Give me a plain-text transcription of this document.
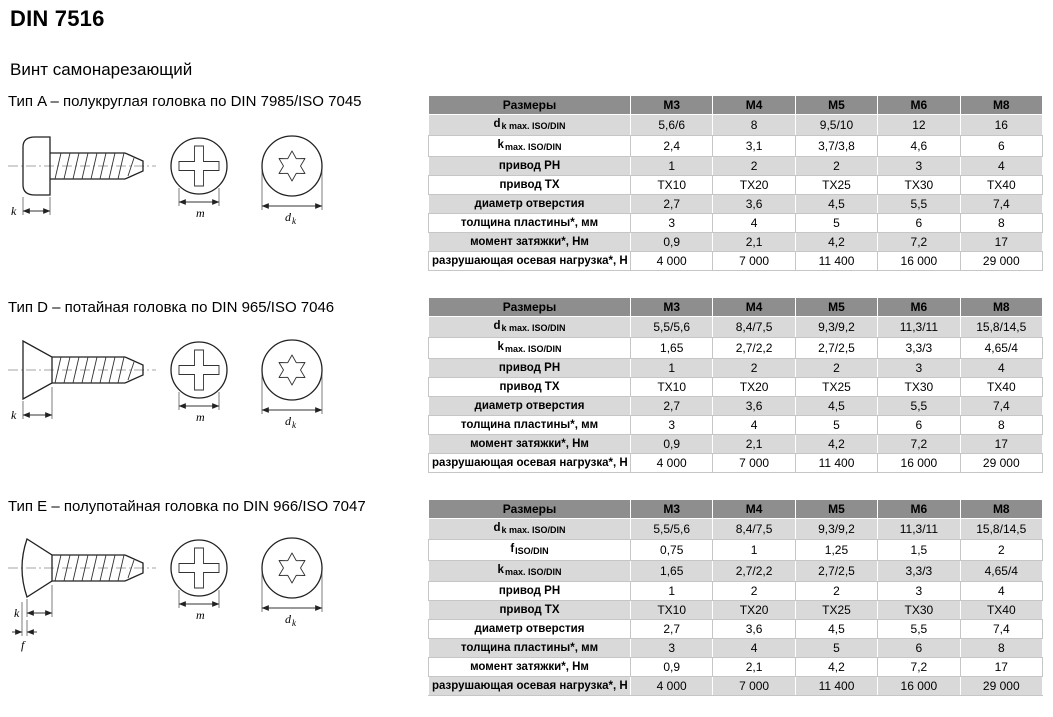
DIN 7516
Винт самонарезающий
Тип A – полукруглая головка по DIN 7985/ISO 7045
k	m	d k
Размеры	M3	M4	M5	M6	M8
$d_{k max. ISO/DIN}$	5,6/6	8	9,5/10	12	16
$k_{max. ISO/DIN}$	2,4	3,1	3,7/3,8	4,6	6
привод PH	1	2	2	3	4
привод TX	TX10	TX20	TX25	TX30	TX40
диаметр отверстия	2,7	3,6	4,5	5,5	7,4
толщина пластины*, мм	3	4	5	6	8
момент затяжки*, Нм	0,9	2,1	4,2	7,2	17
разрушающая осевая нагрузка*, Н	4 000	7 000	11 400	16 000	29 000
Тип D – потайная головка по DIN 965/ISO 7046
k	m	d k
Размеры	M3	M4	M5	M6	M8
$d_{k max. ISO/DIN}$	5,5/5,6	8,4/7,5	9,3/9,2	11,3/11	15,8/14,5
$k_{max. ISO/DIN}$	1,65	2,7/2,2	2,7/2,5	3,3/3	4,65/4
привод PH	1	2	2	3	4
привод TX	TX10	TX20	TX25	TX30	TX40
диаметр отверстия	2,7	3,6	4,5	5,5	7,4
толщина пластины*, мм	3	4	5	6	8
момент затяжки*, Нм	0,9	2,1	4,2	7,2	17
разрушающая осевая нагрузка*, Н	4 000	7 000	11 400	16 000	29 000
Тип E – полупотайная головка по DIN 966/ISO 7047
k
f
m	d k
Размеры	M3	M4	M5	M6	M8
$d_{k max. ISO/DIN}$	5,5/5,6	8,4/7,5	9,3/9,2	11,3/11	15,8/14,5
$f_{ISO/DIN}$	0,75	1	1,25	1,5	2
$k_{max. ISO/DIN}$	1,65	2,7/2,2	2,7/2,5	3,3/3	4,65/4
привод PH	1	2	2	3	4
привод TX	TX10	TX20	TX25	TX30	TX40
диаметр отверстия	2,7	3,6	4,5	5,5	7,4
толщина пластины*, мм	3	4	5	6	8
момент затяжки*, Нм	0,9	2,1	4,2	7,2	17
разрушающая осевая нагрузка*, Н	4 000	7 000	11 400	16 000	29 000
